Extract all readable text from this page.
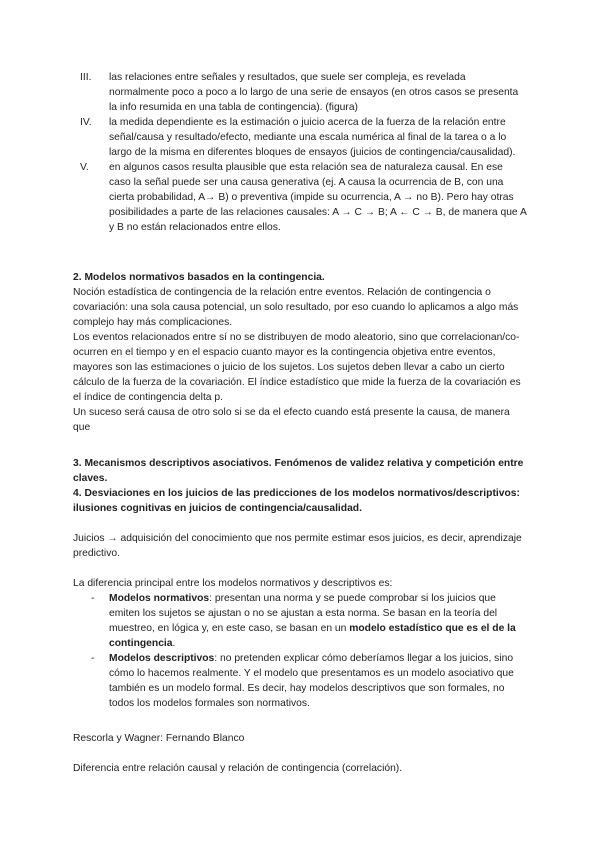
III.	las relaciones entre señales y resultados, que suele ser compleja, es revelada normalmente poco a poco a lo largo de una serie de ensayos (en otros casos se presenta la info resumida en una tabla de contingencia). (figura)
IV.	la medida dependiente es la estimación o juicio acerca de la fuerza de la relación entre señal/causa y resultado/efecto, mediante una escala numérica al final de la tarea o a lo largo de la misma en diferentes bloques de ensayos (juicios de contingencia/causalidad).
V.	en algunos casos resulta plausible que esta relación sea de naturaleza causal. En ese caso la señal puede ser una causa generativa (ej. A causa la ocurrencia de B, con una cierta probabilidad, A→ B) o preventiva (impide su ocurrencia, A → no B). Pero hay otras posibilidades a parte de las relaciones causales: A → C → B; A ← C → B, de manera que A y B no están relacionados entre ellos.

2. Modelos normativos basados en la contingencia.

Noción estadística de contingencia de la relación entre eventos. Relación de contingencia o covariación: una sola causa potencial, un solo resultado, por eso cuando lo aplicamos a algo más complejo hay más complicaciones.

Los eventos relacionados entre sí no se distribuyen de modo aleatorio, sino que correlacionan/co-ocurren en el tiempo y en el espacio cuanto mayor es la contingencia objetiva entre eventos, mayores son las estimaciones o juicio de los sujetos. Los sujetos deben llevar a cabo un cierto cálculo de la fuerza de la covariación. El índice estadístico que mide la fuerza de la covariación es el índice de contingencia delta p.

Un suceso será causa de otro solo si se da el efecto cuando está presente la causa, de manera que

3. Mecanismos descriptivos asociativos. Fenómenos de validez relativa y competición entre claves.

4. Desviaciones en los juicios de las predicciones de los modelos normativos/descriptivos: ilusiones cognitivas en juicios de contingencia/causalidad.

Juicios → adquisición del conocimiento que nos permite estimar esos juicios, es decir, aprendizaje predictivo.

La diferencia principal entre los modelos normativos y descriptivos es:

- Modelos normativos: presentan una norma y se puede comprobar si los juicios que emiten los sujetos se ajustan o no se ajustan a esta norma. Se basan en la teoría del muestreo, en lógica y, en este caso, se basan en un modelo estadístico que es el de la contingencia.
- Modelos descriptivos: no pretenden explicar cómo deberíamos llegar a los juicios, sino cómo lo hacemos realmente. Y el modelo que presentamos es un modelo asociativo que también es un modelo formal. Es decir, hay modelos descriptivos que son formales, no todos los modelos formales son normativos.

Rescorla y Wagner: Fernando Blanco

Diferencia entre relación causal y relación de contingencia (correlación).
